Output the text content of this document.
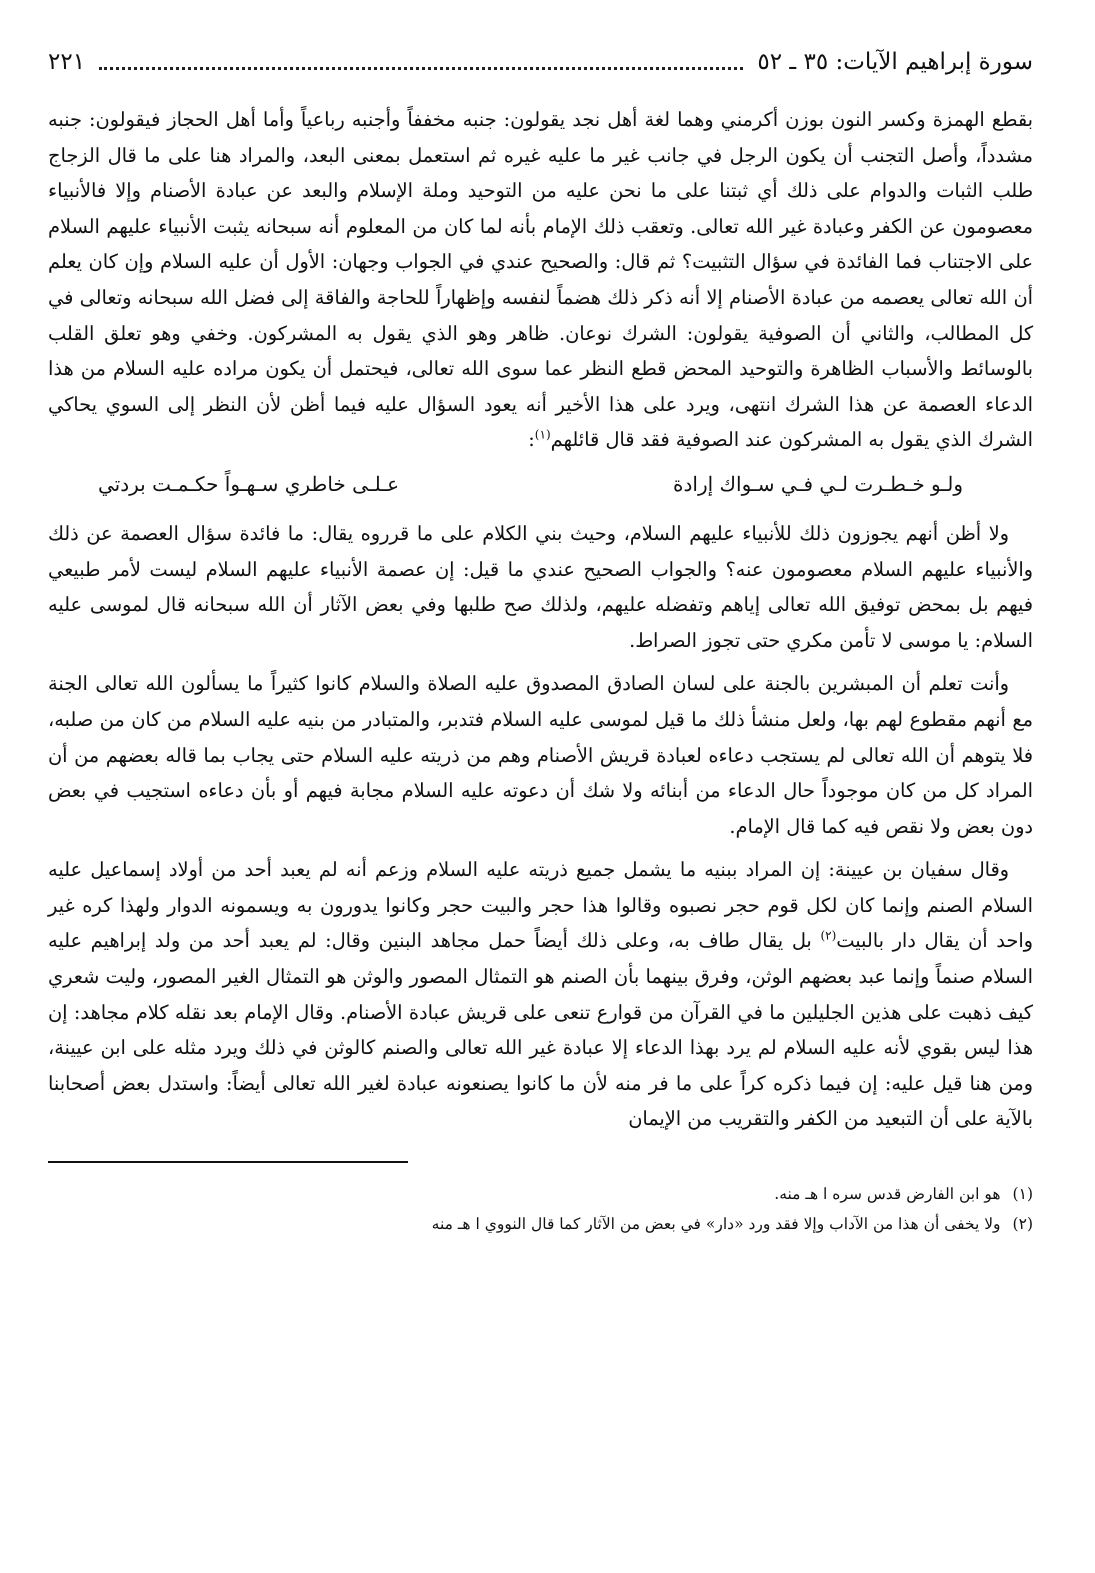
سورة إبراهيم الآيات: ٣٥ ـ ٥٢
٢٢١

بقطع الهمزة وكسر النون بوزن أكرمني وهما لغة أهل نجد يقولون: جنبه مخففاً وأجنبه رباعياً وأما أهل الحجاز فيقولون: جنبه مشدداً، وأصل التجنب أن يكون الرجل في جانب غير ما عليه غيره ثم استعمل بمعنى البعد، والمراد هنا على ما قال الزجاج طلب الثبات والدوام على ذلك أي ثبتنا على ما نحن عليه من التوحيد وملة الإسلام والبعد عن عبادة الأصنام وإلا فالأنبياء معصومون عن الكفر وعبادة غير الله تعالى. وتعقب ذلك الإمام بأنه لما كان من المعلوم أنه سبحانه يثبت الأنبياء عليهم السلام على الاجتناب فما الفائدة في سؤال التثبيت؟ ثم قال: والصحيح عندي في الجواب وجهان: الأول أن عليه السلام وإن كان يعلم أن الله تعالى يعصمه من عبادة الأصنام إلا أنه ذكر ذلك هضماً لنفسه وإظهاراً للحاجة والفاقة إلى فضل الله سبحانه وتعالى في كل المطالب، والثاني أن الصوفية يقولون: الشرك نوعان. ظاهر وهو الذي يقول به المشركون. وخفي وهو تعلق القلب بالوسائط والأسباب الظاهرة والتوحيد المحض قطع النظر عما سوى الله تعالى، فيحتمل أن يكون مراده عليه السلام من هذا الدعاء العصمة عن هذا الشرك انتهى، ويرد على هذا الأخير أنه يعود السؤال عليه فيما أظن لأن النظر إلى السوي يحاكي الشرك الذي يقول به المشركون عند الصوفية فقد قال قائلهم$^{(١)}$:

ولـو خـطـرت لـي فـي سـواك إرادة
عـلـى خاطري سـهـواً حكـمـت بردتي

ولا أظن أنهم يجوزون ذلك للأنبياء عليهم السلام، وحيث بني الكلام على ما قرروه يقال: ما فائدة سؤال العصمة عن ذلك والأنبياء عليهم السلام معصومون عنه؟ والجواب الصحيح عندي ما قيل: إن عصمة الأنبياء عليهم السلام ليست لأمر طبيعي فيهم بل بمحض توفيق الله تعالى إياهم وتفضله عليهم، ولذلك صح طلبها وفي بعض الآثار أن الله سبحانه قال لموسى عليه السلام: يا موسى لا تأمن مكري حتى تجوز الصراط.

وأنت تعلم أن المبشرين بالجنة على لسان الصادق المصدوق عليه الصلاة والسلام كانوا كثيراً ما يسألون الله تعالى الجنة مع أنهم مقطوع لهم بها، ولعل منشأ ذلك ما قيل لموسى عليه السلام فتدبر، والمتبادر من بنيه عليه السلام من كان من صلبه، فلا يتوهم أن الله تعالى لم يستجب دعاءه لعبادة قريش الأصنام وهم من ذريته عليه السلام حتى يجاب بما قاله بعضهم من أن المراد كل من كان موجوداً حال الدعاء من أبنائه ولا شك أن دعوته عليه السلام مجابة فيهم أو بأن دعاءه استجيب في بعض دون بعض ولا نقص فيه كما قال الإمام.

وقال سفيان بن عيينة: إن المراد ببنيه ما يشمل جميع ذريته عليه السلام وزعم أنه لم يعبد أحد من أولاد إسماعيل عليه السلام الصنم وإنما كان لكل قوم حجر نصبوه وقالوا هذا حجر والبيت حجر وكانوا يدورون به ويسمونه الدوار ولهذا كره غير واحد أن يقال دار بالبيت$^{(٢)}$ بل يقال طاف به، وعلى ذلك أيضاً حمل مجاهد البنين وقال: لم يعبد أحد من ولد إبراهيم عليه السلام صنماً وإنما عبد بعضهم الوثن، وفرق بينهما بأن الصنم هو التمثال المصور والوثن هو التمثال الغير المصور، وليت شعري كيف ذهبت على هذين الجليلين ما في القرآن من قوارع تنعى على قريش عبادة الأصنام. وقال الإمام بعد نقله كلام مجاهد: إن هذا ليس بقوي لأنه عليه السلام لم يرد بهذا الدعاء إلا عبادة غير الله تعالى والصنم كالوثن في ذلك ويرد مثله على ابن عيينة، ومن هنا قيل عليه: إن فيما ذكره كراً على ما فر منه لأن ما كانوا يصنعونه عبادة لغير الله تعالى أيضاً: واستدل بعض أصحابنا بالآية على أن التبعيد من الكفر والتقريب من الإيمان

(١)
هو ابن الفارض قدس سره ا هـ منه.
(٢)
ولا يخفى أن هذا من الآداب وإلا فقد ورد «دار» في بعض من الآثار كما قال النووي ا هـ منه
